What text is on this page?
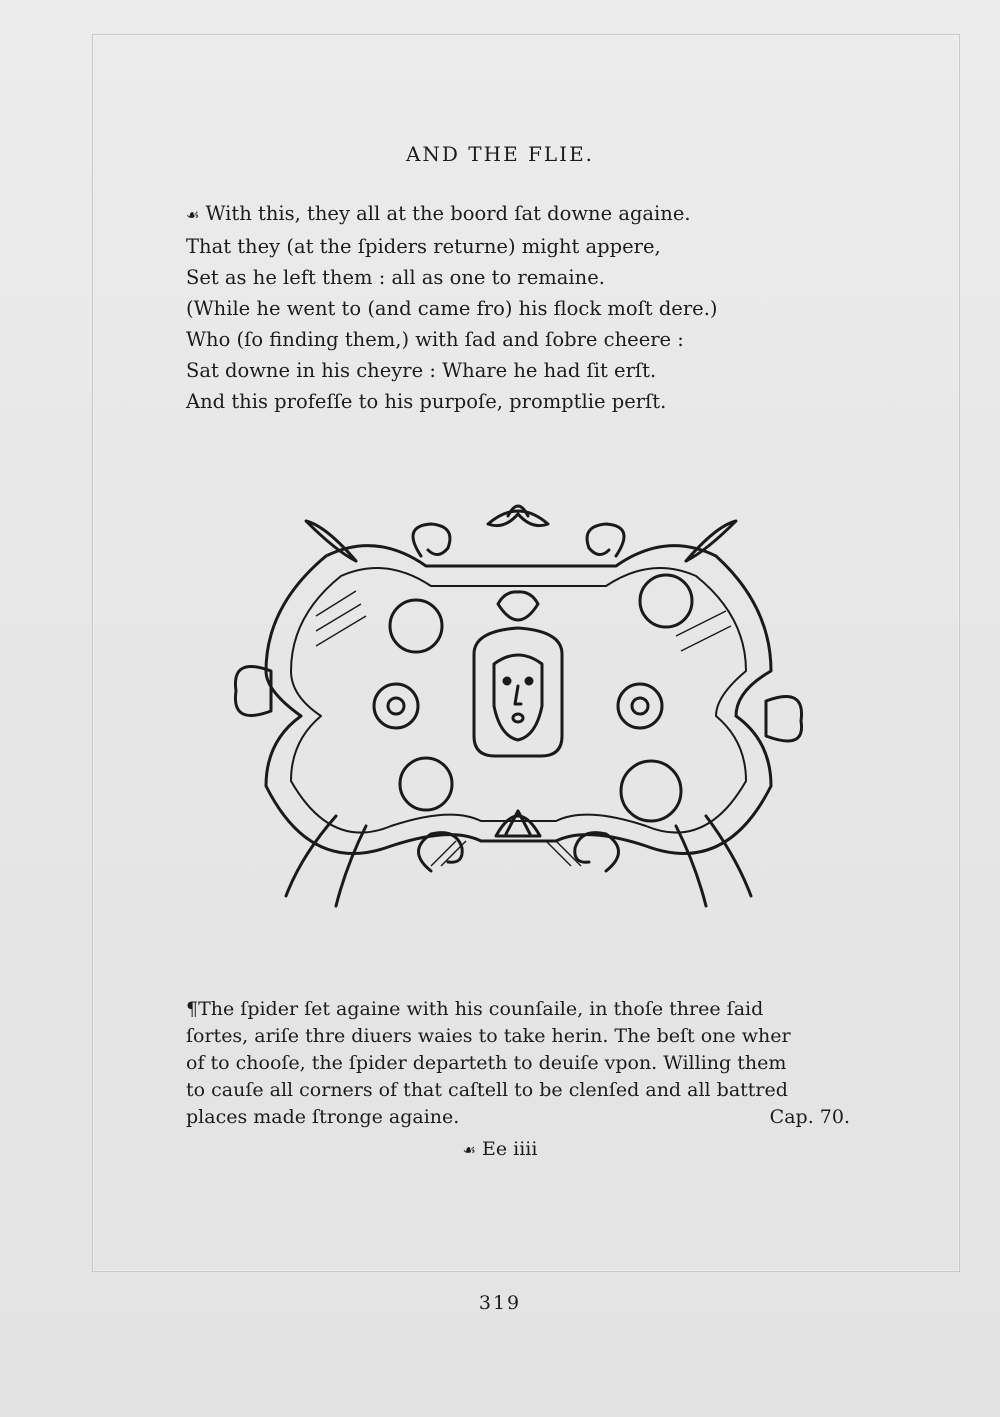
AND THE FLIE.
☙ With this, they all at the boord ſat downe againe.
That they (at the ſpiders returne) might appere,
Set as he left them : all as one to remaine.
(While he went to (and came fro) his flock moſt dere.)
Who (ſo finding them,) with ſad and ſobre cheere :
Sat downe in his cheyre : Whare he had ſit erſt.
And this profeſſe to his purpoſe, promptlie perſt.
¶The ſpider ſet againe with his counſaile, in thoſe three ſaid
ſortes, ariſe thre diuers waies to take herin. The beſt one wher
of to chooſe, the ſpider departeth to deuiſe vpon. Willing them
to cauſe all corners of that caſtell to be clenſed and all battred
places made ſtronge againe.	Cap. 70.
☙ Ee iiii
319
